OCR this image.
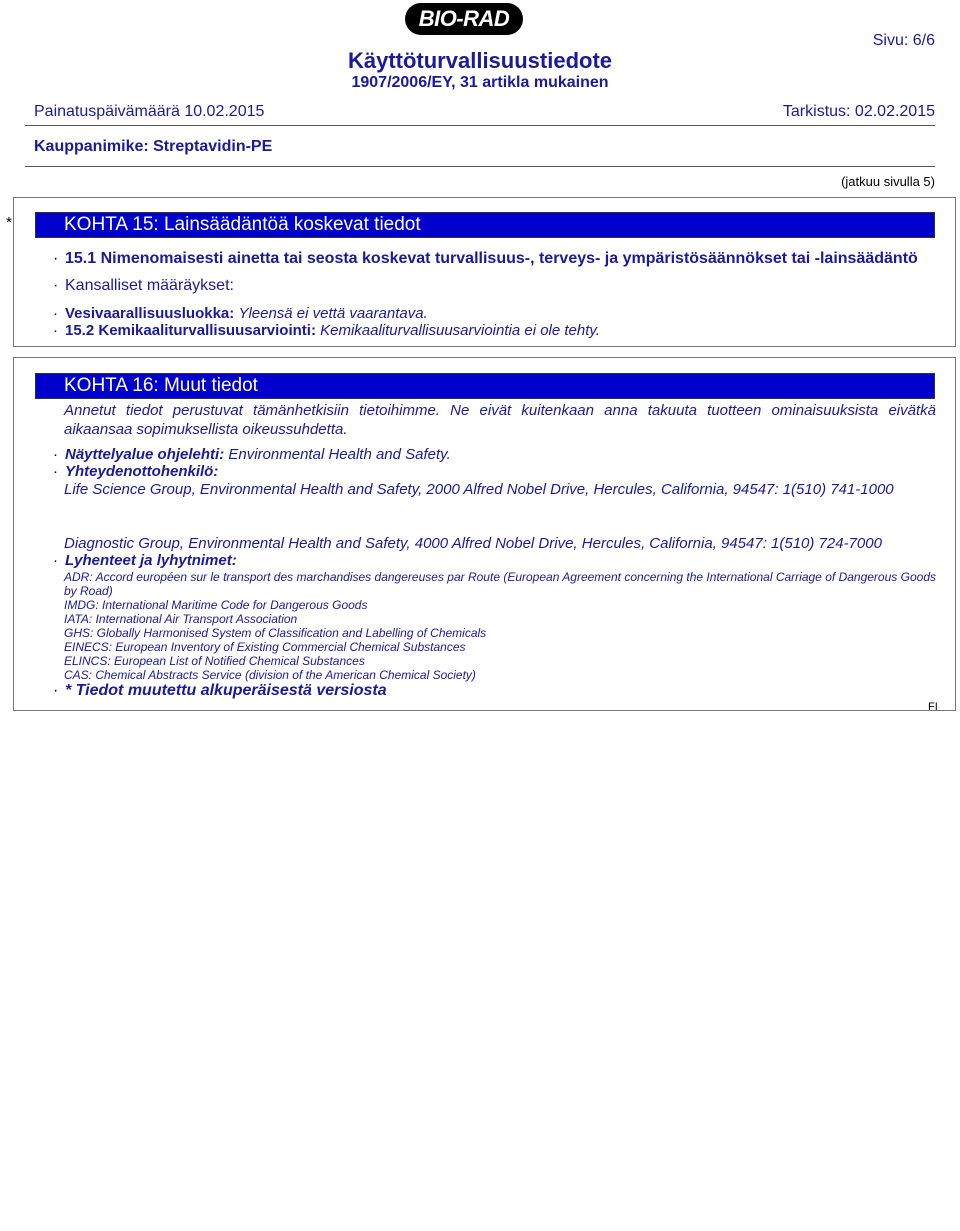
BIO-RAD
Sivu: 6/6
Käyttöturvallisuustiedote
1907/2006/EY, 31 artikla mukainen
Painatuspäivämäärä 10.02.2015	Tarkistus: 02.02.2015
Kauppanimike: Streptavidin-PE
(jatkuu sivulla 5)
*	KOHTA 15: Lainsäädäntöä koskevat tiedot
· 15.1 Nimenomaisesti ainetta tai seosta koskevat turvallisuus-, terveys- ja ympäristösäännökset tai -lainsäädäntö
· Kansalliset määräykset:
· Vesivaarallisuusluokka: Yleensä ei vettä vaarantava.
· 15.2 Kemikaaliturvallisuusarviointi: Kemikaaliturvallisuusarviointia ei ole tehty.
KOHTA 16: Muut tiedot
Annetut tiedot perustuvat tämänhetkisiin tietoihimme. Ne eivät kuitenkaan anna takuuta tuotteen ominaisuuksista eivätkä aikaansaa sopimuksellista oikeussuhdetta.
· Näyttelyalue ohjelehti: Environmental Health and Safety.
· Yhteydenottohenkilö:
Life Science Group, Environmental Health and Safety, 2000 Alfred Nobel Drive, Hercules, California, 94547: 1(510) 741-1000
Diagnostic Group, Environmental Health and Safety, 4000 Alfred Nobel Drive, Hercules, California, 94547: 1(510) 724-7000
· Lyhenteet ja lyhytnimet:
ADR: Accord européen sur le transport des marchandises dangereuses par Route (European Agreement concerning the International Carriage of Dangerous Goods by Road)
IMDG: International Maritime Code for Dangerous Goods
IATA: International Air Transport Association
GHS: Globally Harmonised System of Classification and Labelling of Chemicals
EINECS: European Inventory of Existing Commercial Chemical Substances
ELINCS: European List of Notified Chemical Substances
CAS: Chemical Abstracts Service (division of the American Chemical Society)
· * Tiedot muutettu alkuperäisestä versiosta
FI
